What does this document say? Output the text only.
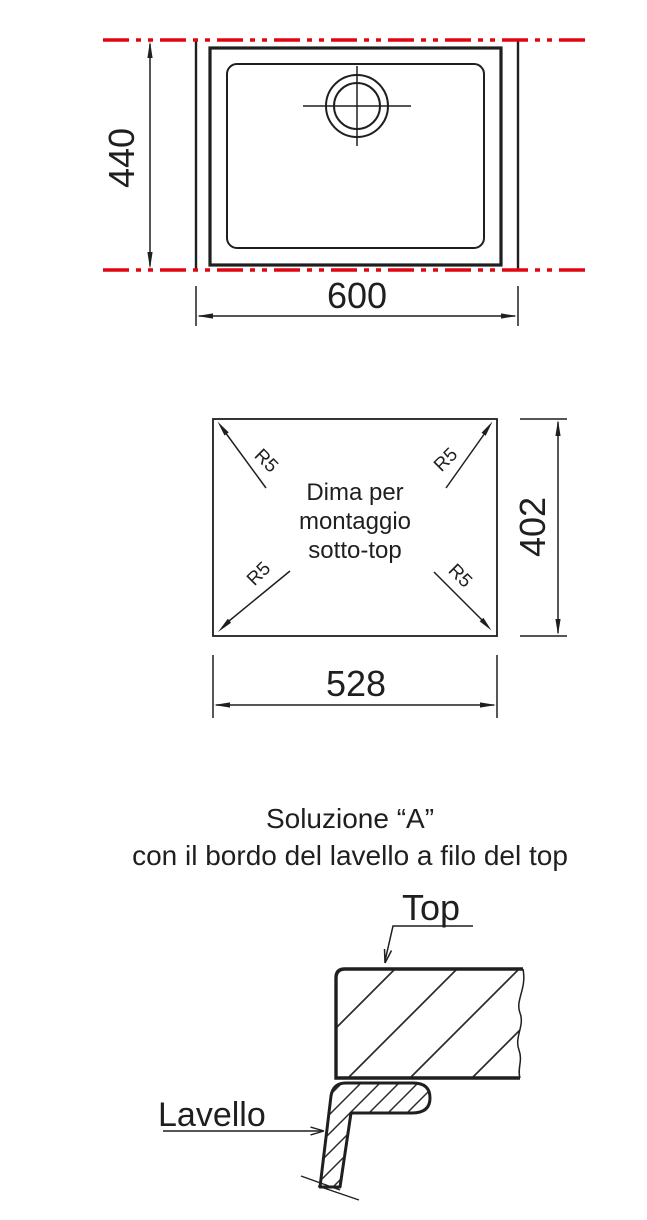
440
600
R5	R5
R5	R5
Dima per
montaggio
sotto-top	402
528
Soluzione “A”
con il bordo del lavello a filo del top
Top
Lavello
